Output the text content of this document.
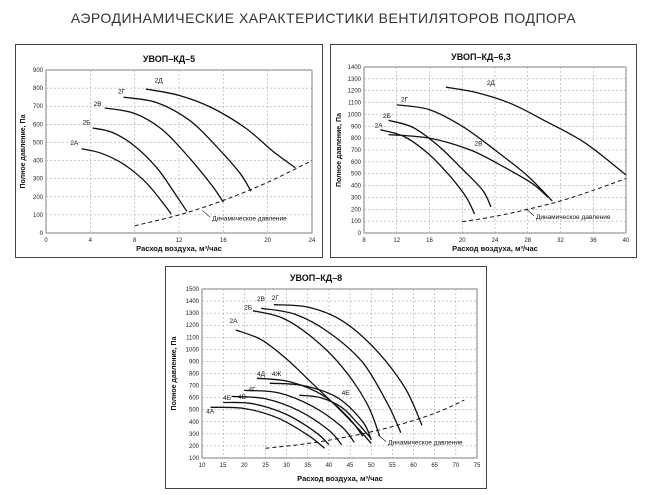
АЭРОДИНАМИЧЕСКИЕ ХАРАКТЕРИСТИКИ ВЕНТИЛЯТОРОВ ПОДПОРА
0	4	8	12	16	20	24
0
100
200
300
400
500
600
700
800
900
УВОП–КД–5
Расход воздуха, м³/час
Полное давление, Па	2А
2Б
2В
2Г
2Д
Динамическое давление
8	12	16	20	24	28	32	36	40
0
100
200
300
400
500
600
700
800
900
1000
1100
1200
1300
1400
УВОП–КД–6,3
Расход воздуха, м³/час
Полное давление, Па	2А
2Б
2В
2Г
2Д
Динамическое давление
10 15 20 25 30 35 40 45 50 55 60 65 70 75
100
200
300
400
500
600
700
800
900
1000
1100
1200
1300
1400
1500
УВОП–КД–8
Расход воздуха, м³/час
Полное давление, Па
2А
2Б
2В 2Г
4А
4Б 4В
4Г
4Д 4Ж
4Е
Динамическое давление
